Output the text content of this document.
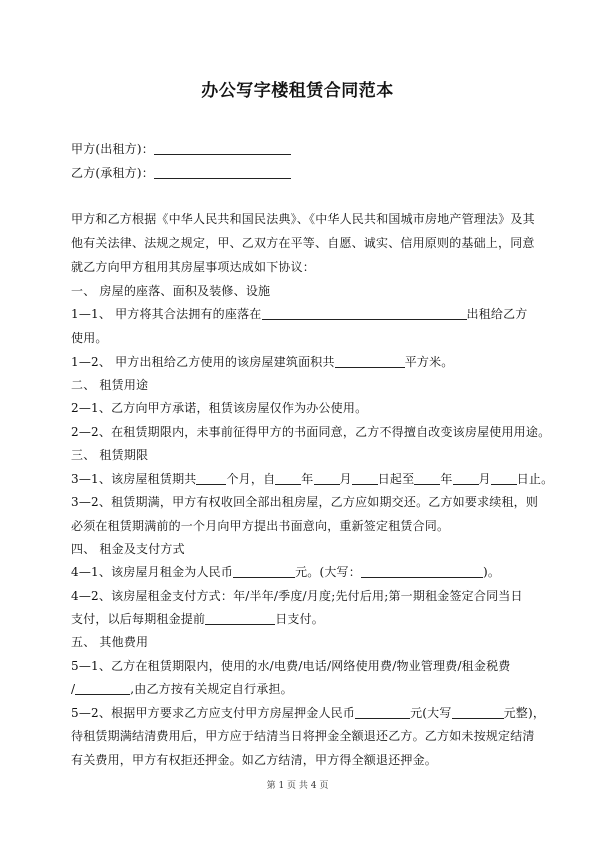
办公写字楼租赁合同范本
甲方(出租方)：
乙方(承租方)：
甲方和乙方根据《中华人民共和国民法典》、《中华人民共和国城市房地产管理法》及其
他有关法律、法规之规定，甲、乙双方在平等、自愿、诚实、信用原则的基础上，同意
就乙方向甲方租用其房屋事项达成如下协议：
一、 房屋的座落、面积及装修、设施
1—1、 甲方将其合法拥有的座落在	出租给乙方
使用。
1—2、 甲方出租给乙方使用的该房屋建筑面积共	平方米。
二、 租赁用途
2—1、乙方向甲方承诺，租赁该房屋仅作为办公使用。
2—2、在租赁期限内，未事前征得甲方的书面同意，乙方不得擅自改变该房屋使用用途。
三、 租赁期限
3—1、该房屋租赁期共	个月，自 年 月 日起至 年 月 日止。
3—2、租赁期满，甲方有权收回全部出租房屋，乙方应如期交还。乙方如要求续租，则
必须在租赁期满前的一个月向甲方提出书面意向，重新签定租赁合同。
四、 租金及支付方式
4—1、该房屋月租金为人民币	元。(大写：	)。
4—2、该房屋租金支付方式：年/半年/季度/月度;先付后用;第一期租金签定合同当日
支付，以后每期租金提前	日支付。
五、 其他费用
5—1、乙方在租赁期限内，使用的水/电费/电话/网络使用费/物业管理费/租金税费
/	,由乙方按有关规定自行承担。
5—2、根据甲方要求乙方应支付甲方房屋押金人民币	元(大写	元整)，
待租赁期满结清费用后，甲方应于结清当日将押金全额退还乙方。乙方如未按规定结清
有关费用，甲方有权拒还押金。如乙方结清，甲方得全额退还押金。
第 1 页 共 4 页
